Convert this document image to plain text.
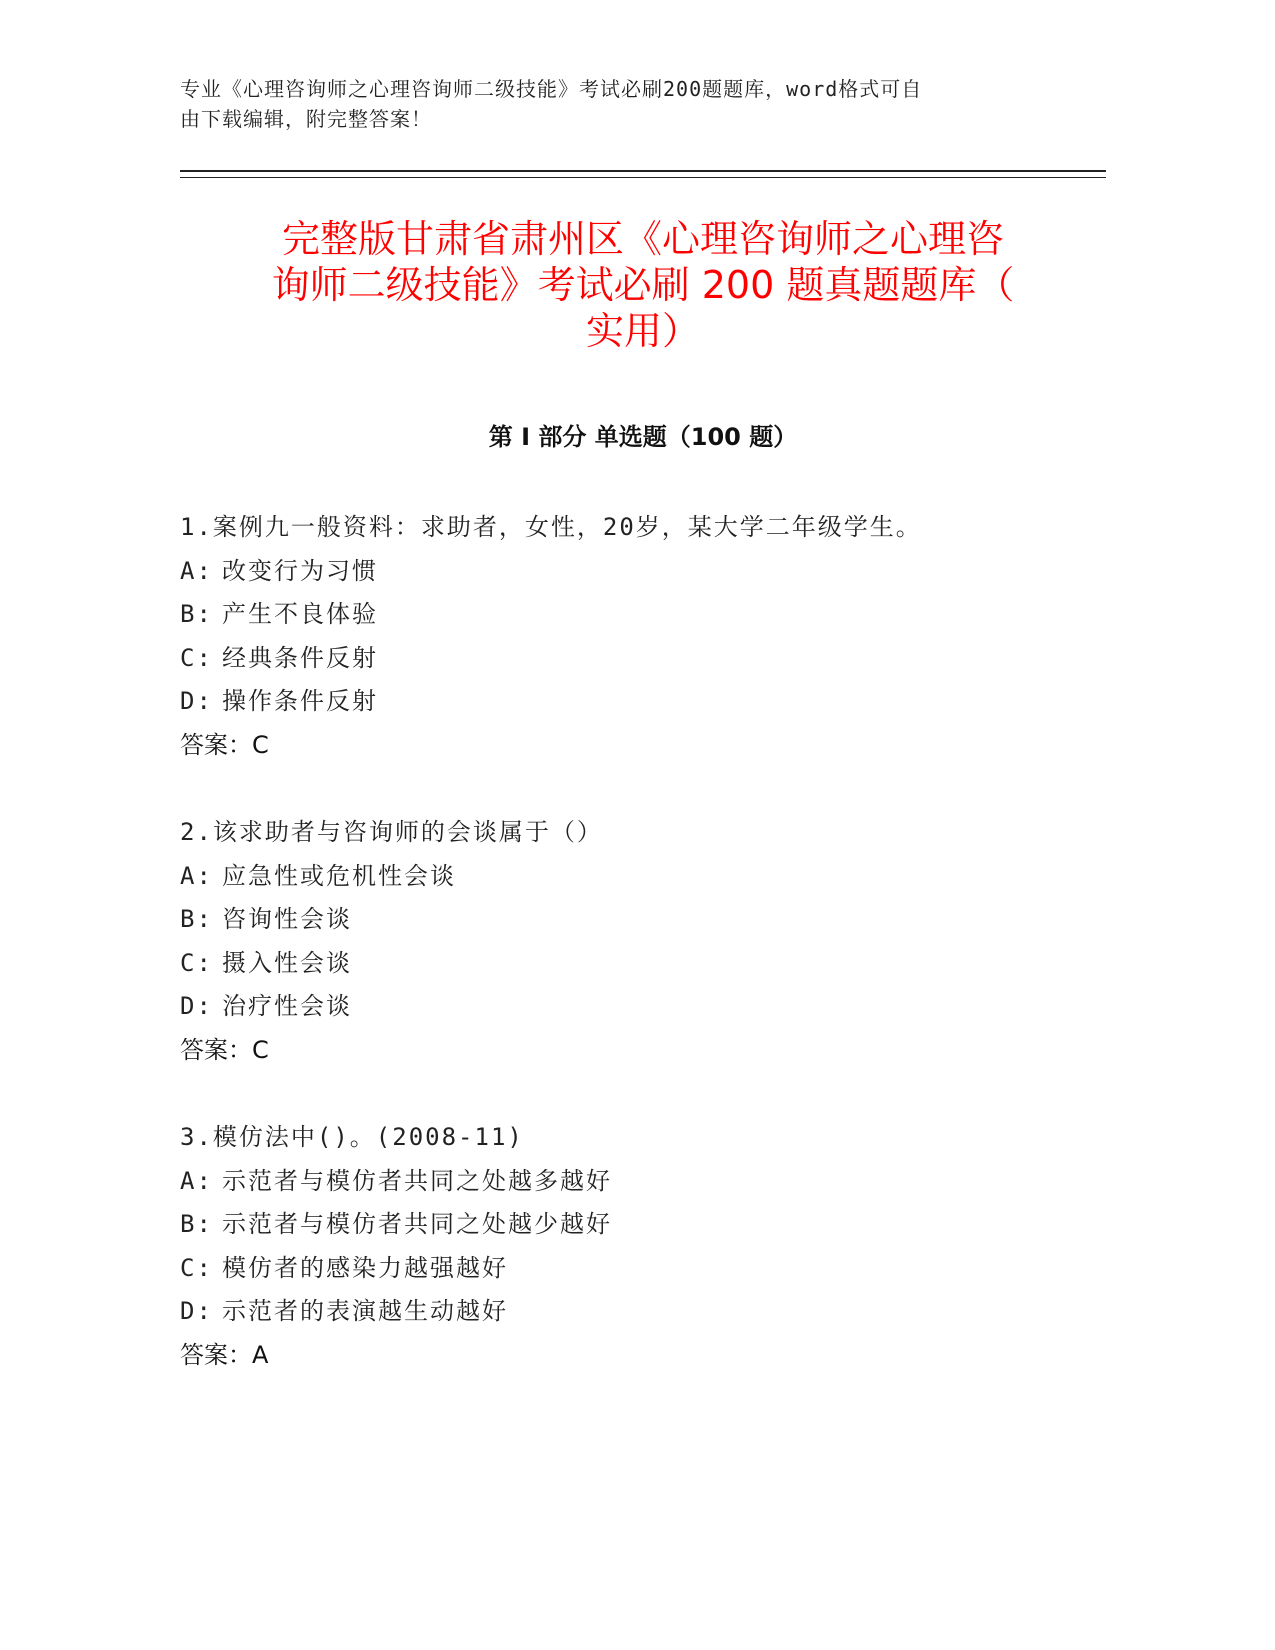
专业《心理咨询师之心理咨询师二级技能》考试必刷200题题库，word格式可自
由下载编辑，附完整答案！
完整版甘肃省肃州区《心理咨询师之心理咨
询师二级技能》考试必刷 200 题真题题库（
实用）
第 I 部分 单选题（100 题）
1.案例九一般资料：求助者，女性，20岁，某大学二年级学生。
A: 改变行为习惯
B: 产生不良体验
C: 经典条件反射
D: 操作条件反射
答案： C
2.该求助者与咨询师的会谈属于（）
A: 应急性或危机性会谈
B: 咨询性会谈
C: 摄入性会谈
D: 治疗性会谈
答案： C
3.模仿法中()。(2008-11)
A: 示范者与模仿者共同之处越多越好
B: 示范者与模仿者共同之处越少越好
C: 模仿者的感染力越强越好
D: 示范者的表演越生动越好
答案： A
